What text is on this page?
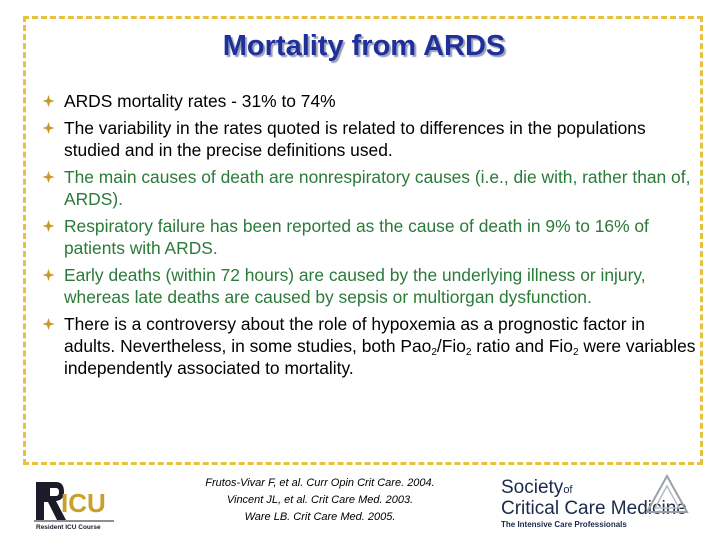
Mortality from ARDS
ARDS mortality rates - 31% to 74%
The variability in the rates quoted is related to differences in the populations studied and in the precise definitions used.
The main causes of death are nonrespiratory causes (i.e., die with, rather than of, ARDS).
Respiratory failure has been reported as the cause of death in 9% to 16% of patients with ARDS.
Early deaths (within 72 hours) are caused by the underlying illness or injury, whereas late deaths are caused by sepsis or multiorgan dysfunction.
There is a controversy about the role of hypoxemia as a prognostic factor in adults. Nevertheless, in some studies, both Pao$_2$/Fio$_2$ ratio and Fio$_2$ were variables independently associated to mortality.
Frutos-Vivar F, et al. Curr Opin Crit Care. 2004.
Vincent JL, et al. Crit Care Med. 2003.
Ware LB. Crit Care Med. 2005.
ICU
Resident ICU Course
Societyof
Critical Care Medicine
The Intensive Care Professionals
